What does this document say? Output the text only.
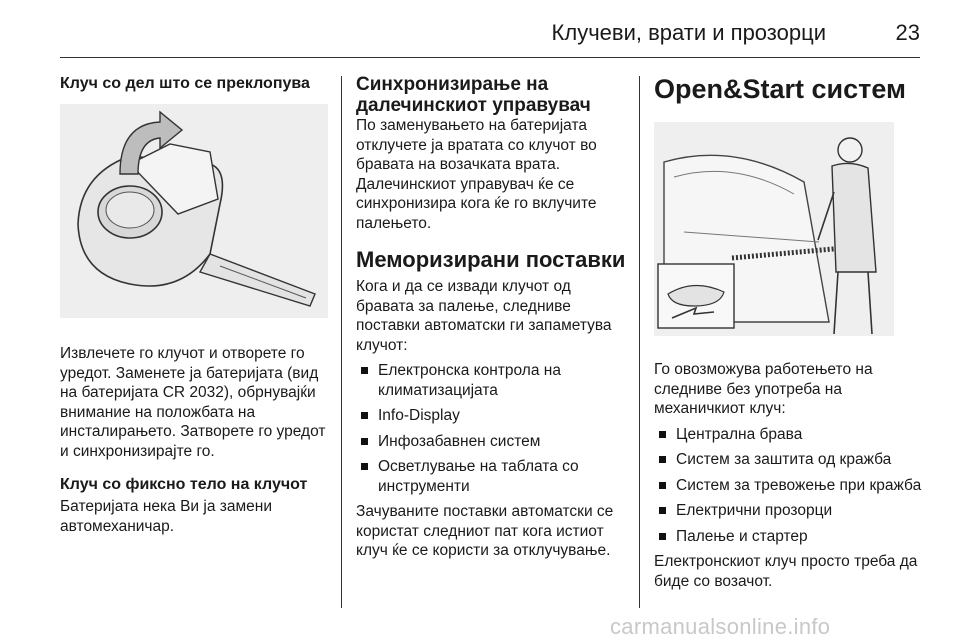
Клучеви, врати и прозорци	23
Клуч со дел што се преклопува

Извлечете го клучот и отворете го уредот. Заменете ја батеријата (вид на батеријата CR 2032), обрнувајќи внимание на положбата на инсталирањето. Затворете го уредот и синхронизирајте го.

Клуч со фиксно тело на клучот

Батеријата нека Ви ја замени автомеханичар.

Синхронизирање на далечинскиот управувач

По заменувањето на батеријата отклучете ја вратата со клучот во бравата на возачката врата. Далечинскиот управувач ќе се синхронизира кога ќе го вклучите палењето.

Меморизирани поставки

Кога и да се извади клучот од бравата за палење, следниве поставки автоматски ги запаметува клучот:

Електронска контрола на климатизацијата
Info-Display
Инфозабавнен систем
Осветлување на таблата со инструменти

Зачуваните поставки автоматски се користат следниот пат кога истиот клуч ќе се користи за отклучување.

Open&Start систем

Го овозможува работењето на следниве без употреба на механичкиот клуч:

Централна брава
Систем за заштита од кражба
Систем за тревожење при кражба
Електрични прозорци
Палење и стартер

Електронскиот клуч просто треба да биде со возачот.

carmanualsonline.info
